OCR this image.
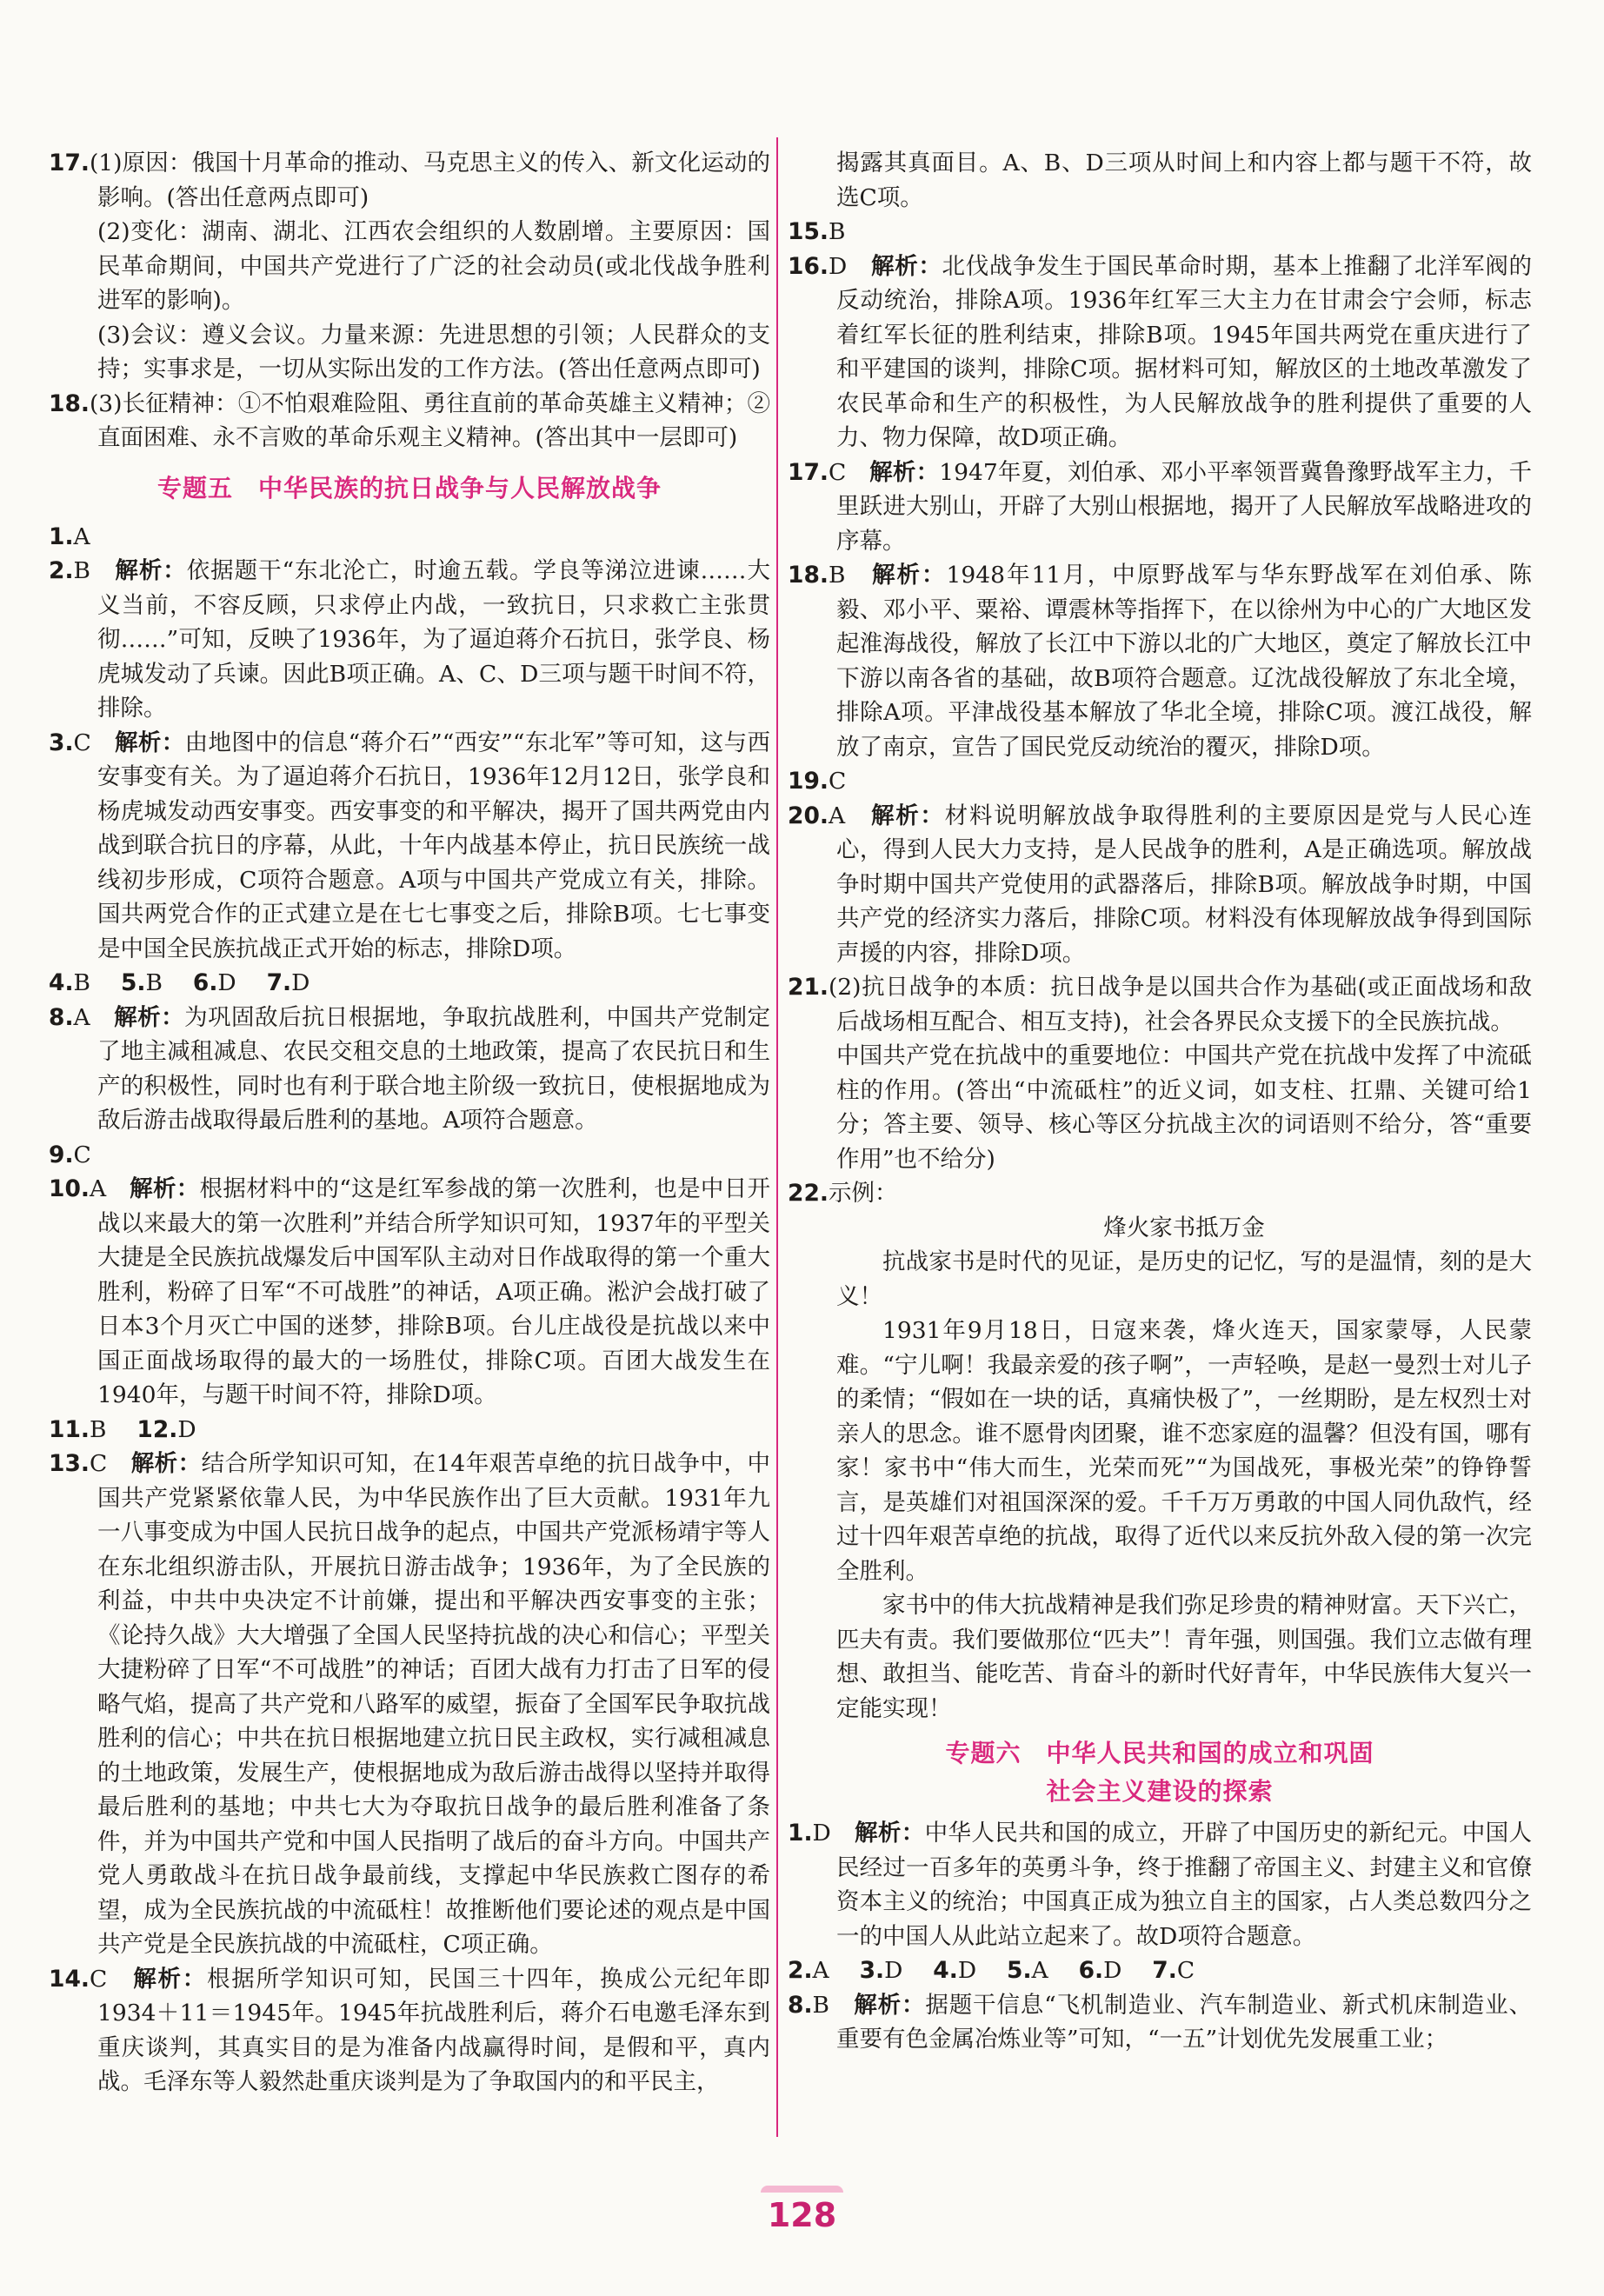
17.(1)原因：俄国十月革命的推动、马克思主义的传入、新文化运动的影响。(答出任意两点即可)

(2)变化：湖南、湖北、江西农会组织的人数剧增。主要原因：国民革命期间，中国共产党进行了广泛的社会动员(或北伐战争胜利进军的影响)。

(3)会议：遵义会议。力量来源：先进思想的引领；人民群众的支持；实事求是，一切从实际出发的工作方法。(答出任意两点即可)

18.(3)长征精神：①不怕艰难险阻、勇往直前的革命英雄主义精神；②直面困难、永不言败的革命乐观主义精神。(答出其中一层即可)

专题五　中华民族的抗日战争与人民解放战争

1.A

2.B　 解析：依据题干“东北沦亡，时逾五载。学良等涕泣进谏……大义当前，不容反顾，只求停止内战，一致抗日，只求救亡主张贯彻……”可知，反映了1936年，为了逼迫蒋介石抗日，张学良、杨虎城发动了兵谏。因此B项正确。A、C、D三项与题干时间不符，排除。

3.C　 解析：由地图中的信息“蒋介石”“西安”“东北军”等可知，这与西安事变有关。为了逼迫蒋介石抗日，1936年12月12日，张学良和杨虎城发动西安事变。西安事变的和平解决，揭开了国共两党由内战到联合抗日的序幕，从此，十年内战基本停止，抗日民族统一战线初步形成，C项符合题意。A项与中国共产党成立有关，排除。国共两党合作的正式建立是在七七事变之后，排除B项。七七事变是中国全民族抗战正式开始的标志，排除D项。

4.B　 5.B　 6.D　 7.D

8.A　 解析：为巩固敌后抗日根据地，争取抗战胜利，中国共产党制定了地主减租减息、农民交租交息的土地政策，提高了农民抗日和生产的积极性，同时也有利于联合地主阶级一致抗日，使根据地成为敌后游击战取得最后胜利的基地。A项符合题意。

9.C

10.A　 解析：根据材料中的“这是红军参战的第一次胜利，也是中日开战以来最大的第一次胜利”并结合所学知识可知，1937年的平型关大捷是全民族抗战爆发后中国军队主动对日作战取得的第一个重大胜利，粉碎了日军“不可战胜”的神话，A项正确。淞沪会战打破了日本3个月灭亡中国的迷梦，排除B项。台儿庄战役是抗战以来中国正面战场取得的最大的一场胜仗，排除C项。百团大战发生在1940年，与题干时间不符，排除D项。

11.B　 12.D

13.C　 解析：结合所学知识可知，在14年艰苦卓绝的抗日战争中，中国共产党紧紧依靠人民，为中华民族作出了巨大贡献。1931年九一八事变成为中国人民抗日战争的起点，中国共产党派杨靖宇等人在东北组织游击队，开展抗日游击战争；1936年，为了全民族的利益，中共中央决定不计前嫌，提出和平解决西安事变的主张；《论持久战》大大增强了全国人民坚持抗战的决心和信心；平型关大捷粉碎了日军“不可战胜”的神话；百团大战有力打击了日军的侵略气焰，提高了共产党和八路军的威望，振奋了全国军民争取抗战胜利的信心；中共在抗日根据地建立抗日民主政权，实行减租减息的土地政策，发展生产，使根据地成为敌后游击战得以坚持并取得最后胜利的基地；中共七大为夺取抗日战争的最后胜利准备了条件，并为中国共产党和中国人民指明了战后的奋斗方向。中国共产党人勇敢战斗在抗日战争最前线，支撑起中华民族救亡图存的希望，成为全民族抗战的中流砥柱！故推断他们要论述的观点是中国共产党是全民族抗战的中流砥柱，C项正确。

14.C　 解析：根据所学知识可知，民国三十四年，换成公元纪年即1934＋11＝1945年。1945年抗战胜利后，蒋介石电邀毛泽东到重庆谈判，其真实目的是为准备内战赢得时间，是假和平，真内战。毛泽东等人毅然赴重庆谈判是为了争取国内的和平民主，

揭露其真面目。A、B、D三项从时间上和内容上都与题干不符，故选C项。

15.B

16.D　 解析：北伐战争发生于国民革命时期，基本上推翻了北洋军阀的反动统治，排除A项。1936年红军三大主力在甘肃会宁会师，标志着红军长征的胜利结束，排除B项。1945年国共两党在重庆进行了和平建国的谈判，排除C项。据材料可知，解放区的土地改革激发了农民革命和生产的积极性，为人民解放战争的胜利提供了重要的人力、物力保障，故D项正确。

17.C　 解析：1947年夏，刘伯承、邓小平率领晋冀鲁豫野战军主力，千里跃进大别山，开辟了大别山根据地，揭开了人民解放军战略进攻的序幕。

18.B　 解析：1948年11月，中原野战军与华东野战军在刘伯承、陈毅、邓小平、粟裕、谭震林等指挥下，在以徐州为中心的广大地区发起淮海战役，解放了长江中下游以北的广大地区，奠定了解放长江中下游以南各省的基础，故B项符合题意。辽沈战役解放了东北全境，排除A项。平津战役基本解放了华北全境，排除C项。渡江战役，解放了南京，宣告了国民党反动统治的覆灭，排除D项。

19.C

20.A　 解析：材料说明解放战争取得胜利的主要原因是党与人民心连心，得到人民大力支持，是人民战争的胜利，A是正确选项。解放战争时期中国共产党使用的武器落后，排除B项。解放战争时期，中国共产党的经济实力落后，排除C项。材料没有体现解放战争得到国际声援的内容，排除D项。

21.(2)抗日战争的本质：抗日战争是以国共合作为基础(或正面战场和敌后战场相互配合、相互支持)，社会各界民众支援下的全民族抗战。

中国共产党在抗战中的重要地位：中国共产党在抗战中发挥了中流砥柱的作用。(答出“中流砥柱”的近义词，如支柱、扛鼎、关键可给1分；答主要、领导、核心等区分抗战主次的词语则不给分，答“重要作用”也不给分)

22.示例：

烽火家书抵万金

抗战家书是时代的见证，是历史的记忆，写的是温情，刻的是大义！

1931年9月18日，日寇来袭，烽火连天，国家蒙辱，人民蒙难。“宁儿啊！我最亲爱的孩子啊”，一声轻唤，是赵一曼烈士对儿子的柔情；“假如在一块的话，真痛快极了”，一丝期盼，是左权烈士对亲人的思念。谁不愿骨肉团聚，谁不恋家庭的温馨？但没有国，哪有家！家书中“伟大而生，光荣而死”“为国战死，事极光荣”的铮铮誓言，是英雄们对祖国深深的爱。千千万万勇敢的中国人同仇敌忾，经过十四年艰苦卓绝的抗战，取得了近代以来反抗外敌入侵的第一次完全胜利。

家书中的伟大抗战精神是我们弥足珍贵的精神财富。天下兴亡，匹夫有责。我们要做那位“匹夫”！青年强，则国强。我们立志做有理想、敢担当、能吃苦、肯奋斗的新时代好青年，中华民族伟大复兴一定能实现！

专题六　中华人民共和国的成立和巩固
社会主义建设的探索

1.D　 解析：中华人民共和国的成立，开辟了中国历史的新纪元。中国人民经过一百多年的英勇斗争，终于推翻了帝国主义、封建主义和官僚资本主义的统治；中国真正成为独立自主的国家，占人类总数四分之一的中国人从此站立起来了。故D项符合题意。

2.A　 3.D　 4.D　 5.A　 6.D　 7.C

8.B　 解析：据题干信息“飞机制造业、汽车制造业、新式机床制造业、重要有色金属冶炼业等”可知，“一五”计划优先发展重工业；

128
